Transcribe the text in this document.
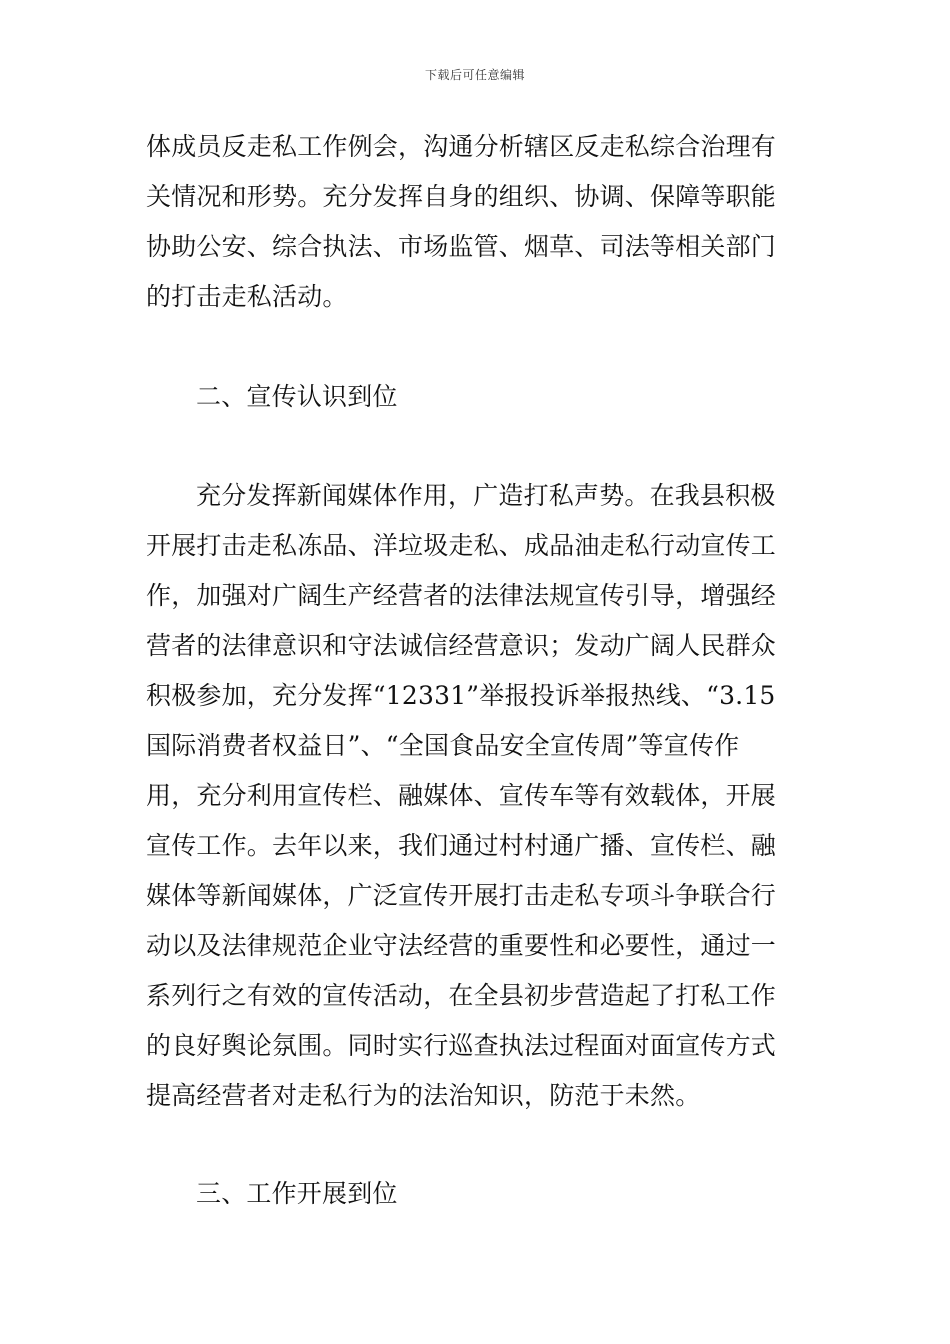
下载后可任意编辑
体成员反走私工作例会，沟通分析辖区反走私综合治理有
关情况和形势。充分发挥自身的组织、协调、保障等职能
协助公安、综合执法、市场监管、烟草、司法等相关部门
的打击走私活动。
二、宣传认识到位
充分发挥新闻媒体作用，广造打私声势。在我县积极
开展打击走私冻品、洋垃圾走私、成品油走私行动宣传工
作，加强对广阔生产经营者的法律法规宣传引导，增强经
营者的法律意识和守法诚信经营意识；发动广阔人民群众
积极参加，充分发挥“12331”举报投诉举报热线、“3.15
国际消费者权益日”、“全国食品安全宣传周”等宣传作
用，充分利用宣传栏、融媒体、宣传车等有效载体，开展
宣传工作。去年以来，我们通过村村通广播、宣传栏、融
媒体等新闻媒体，广泛宣传开展打击走私专项斗争联合行
动以及法律规范企业守法经营的重要性和必要性，通过一
系列行之有效的宣传活动，在全县初步营造起了打私工作
的良好舆论氛围。同时实行巡查执法过程面对面宣传方式
提高经营者对走私行为的法治知识，防范于未然。
三、工作开展到位
